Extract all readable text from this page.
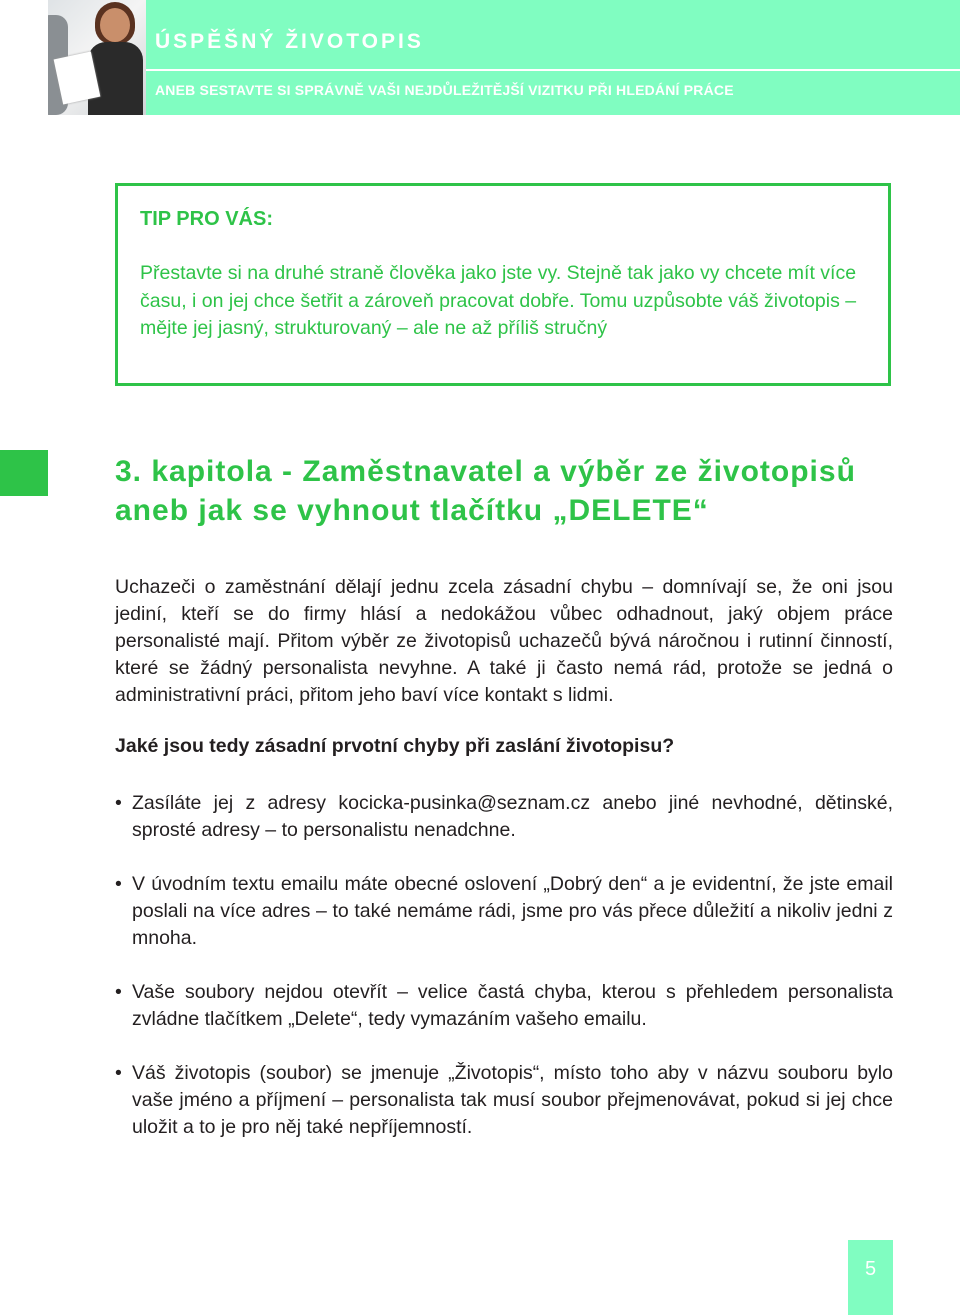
ÚSPĚŠNÝ ŽIVOTOPIS
ANEB SESTAVTE SI SPRÁVNĚ VAŠI NEJDŮLEŽITĚJŠÍ VIZITKU PŘI HLEDÁNÍ PRÁCE
TIP PRO VÁS:
Přestavte si na druhé straně člověka jako jste vy. Stejně tak jako vy chcete mít více času, i on jej chce šetřit a zároveň pracovat dobře. Tomu uzpůsobte váš životopis – mějte jej jasný, strukturovaný – ale ne až příliš stručný
3. kapitola - Zaměstnavatel a výběr ze životopisů
aneb jak se vyhnout tlačítku „DELETE“
Uchazeči o zaměstnání dělají jednu zcela zásadní chybu – domnívají se, že oni jsou jediní, kteří se do firmy hlásí a nedokážou vůbec odhadnout, jaký objem práce personalisté mají. Přitom výběr ze životopisů uchazečů bývá náročnou i rutinní činností, které se žádný personalista nevyhne. A také ji často nemá rád, protože se jedná o administrativní práci, přitom jeho baví více kontakt s lidmi.
Jaké jsou tedy zásadní prvotní chyby při zaslání životopisu?
• Zasíláte jej z adresy kocicka-pusinka@seznam.cz anebo jiné nevhodné, dětinské, sprosté adresy – to personalistu nenadchne.
• V úvodním textu emailu máte obecné oslovení „Dobrý den“ a je evidentní, že jste email poslali na více adres – to také nemáme rádi, jsme pro vás přece důležití a nikoliv jedni z mnoha.
• Vaše soubory nejdou otevřít – velice častá chyba, kterou s přehledem personalista zvládne tlačítkem „Delete“, tedy vymazáním vašeho emailu.
• Váš životopis (soubor) se jmenuje „Životopis“, místo toho aby v názvu souboru bylo vaše jméno a příjmení – personalista tak musí soubor přejmenovávat, pokud si jej chce uložit a to je pro něj také nepříjemností.
5
